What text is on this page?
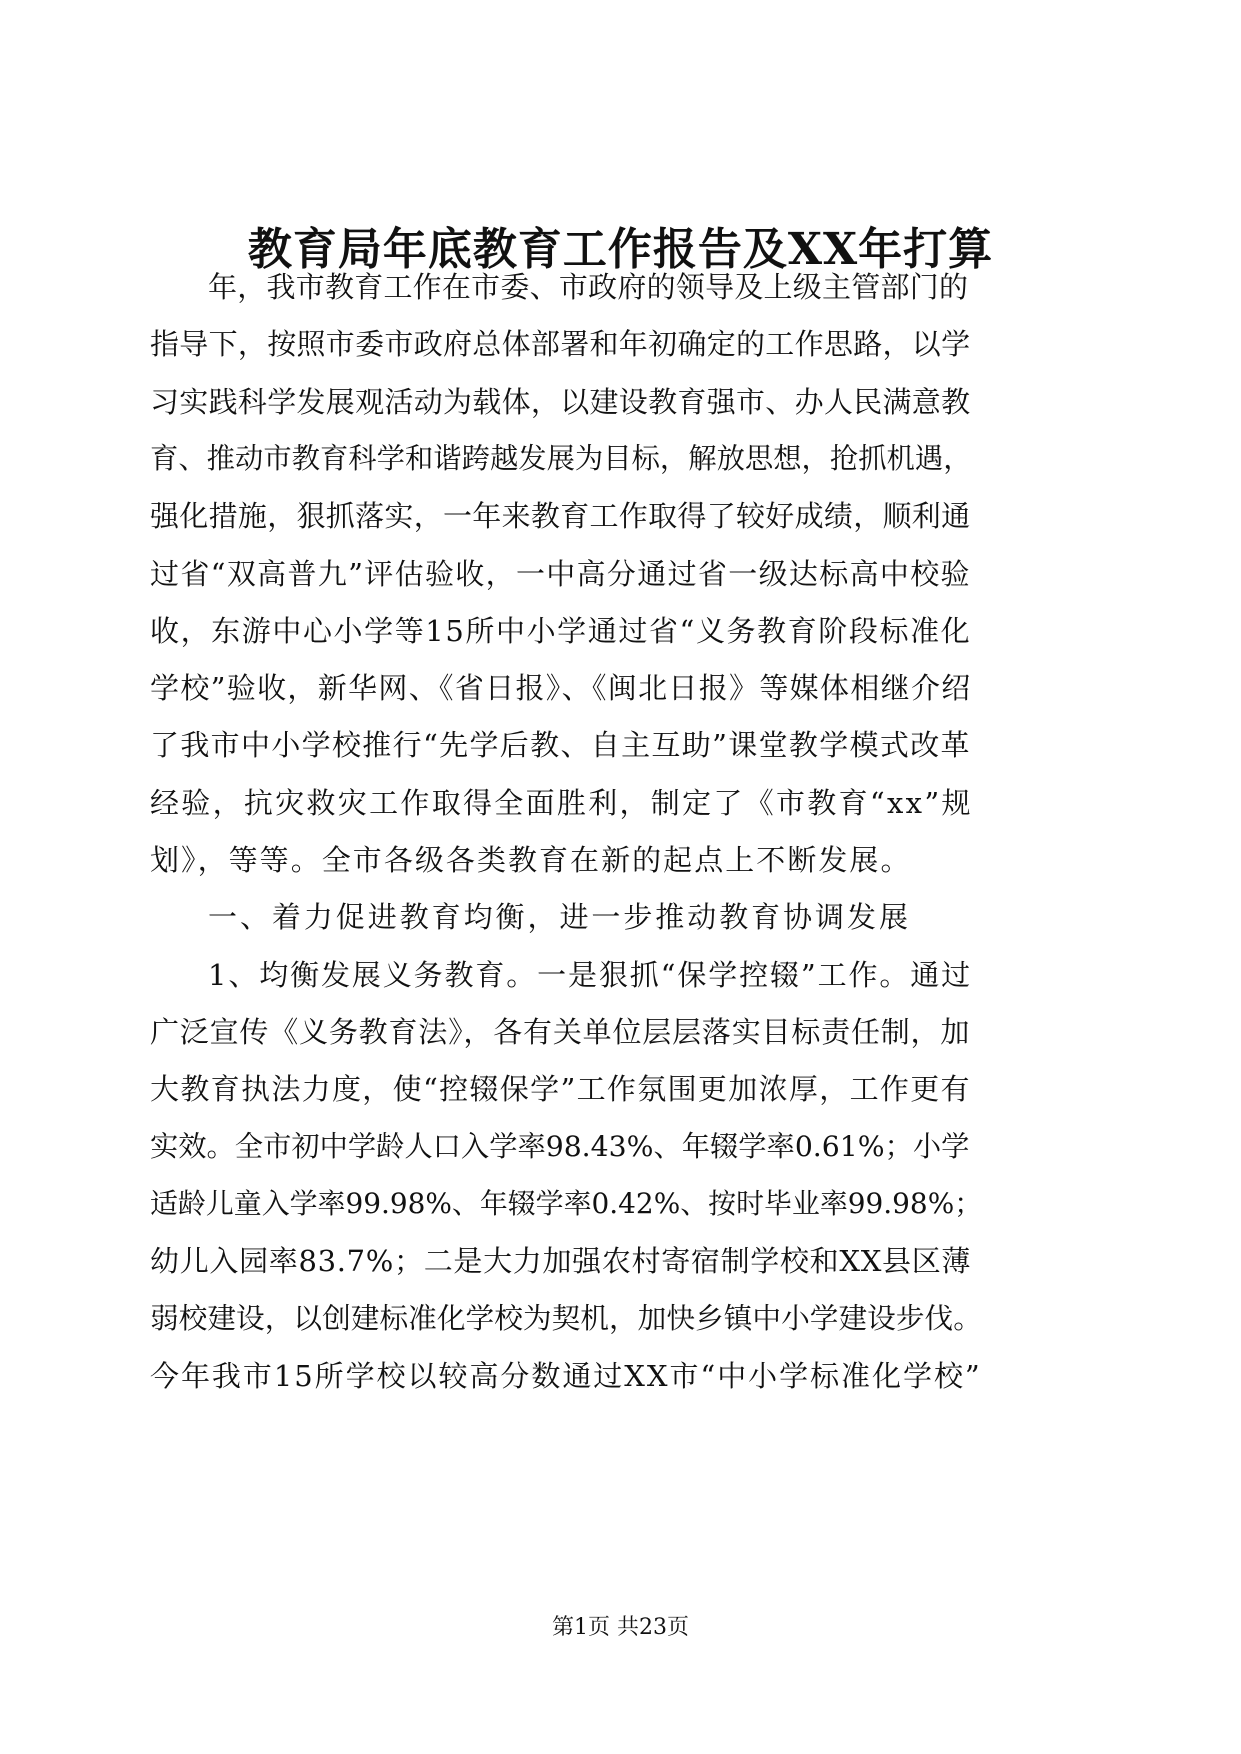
教育局年底教育工作报告及XX年打算
年，我市教育工作在市委、市政府的领导及上级主管部门的
指导下，按照市委市政府总体部署和年初确定的工作思路，以学
习实践科学发展观活动为载体，以建设教育强市、办人民满意教
育、推动市教育科学和谐跨越发展为目标，解放思想，抢抓机遇，
强化措施，狠抓落实，一年来教育工作取得了较好成绩，顺利通
过省“双高普九”评估验收，一中高分通过省一级达标高中校验
收，东游中心小学等15所中小学通过省“义务教育阶段标准化
学校”验收，新华网、《省日报》、《闽北日报》等媒体相继介绍
了我市中小学校推行“先学后教、自主互助”课堂教学模式改革
经验，抗灾救灾工作取得全面胜利，制定了《市教育“xx”规
划》，等等。全市各级各类教育在新的起点上不断发展。
一、着力促进教育均衡，进一步推动教育协调发展
1、均衡发展义务教育。一是狠抓“保学控辍”工作。通过
广泛宣传《义务教育法》，各有关单位层层落实目标责任制，加
大教育执法力度，使“控辍保学”工作氛围更加浓厚，工作更有
实效。全市初中学龄人口入学率98.43%、年辍学率0.61%；小学
适龄儿童入学率99.98%、年辍学率0.42%、按时毕业率99.98%；
幼儿入园率83.7%；二是大力加强农村寄宿制学校和XX县区薄
弱校建设，以创建标准化学校为契机，加快乡镇中小学建设步伐。
今年我市15所学校以较高分数通过XX市“中小学标准化学校”
第1页 共23页
